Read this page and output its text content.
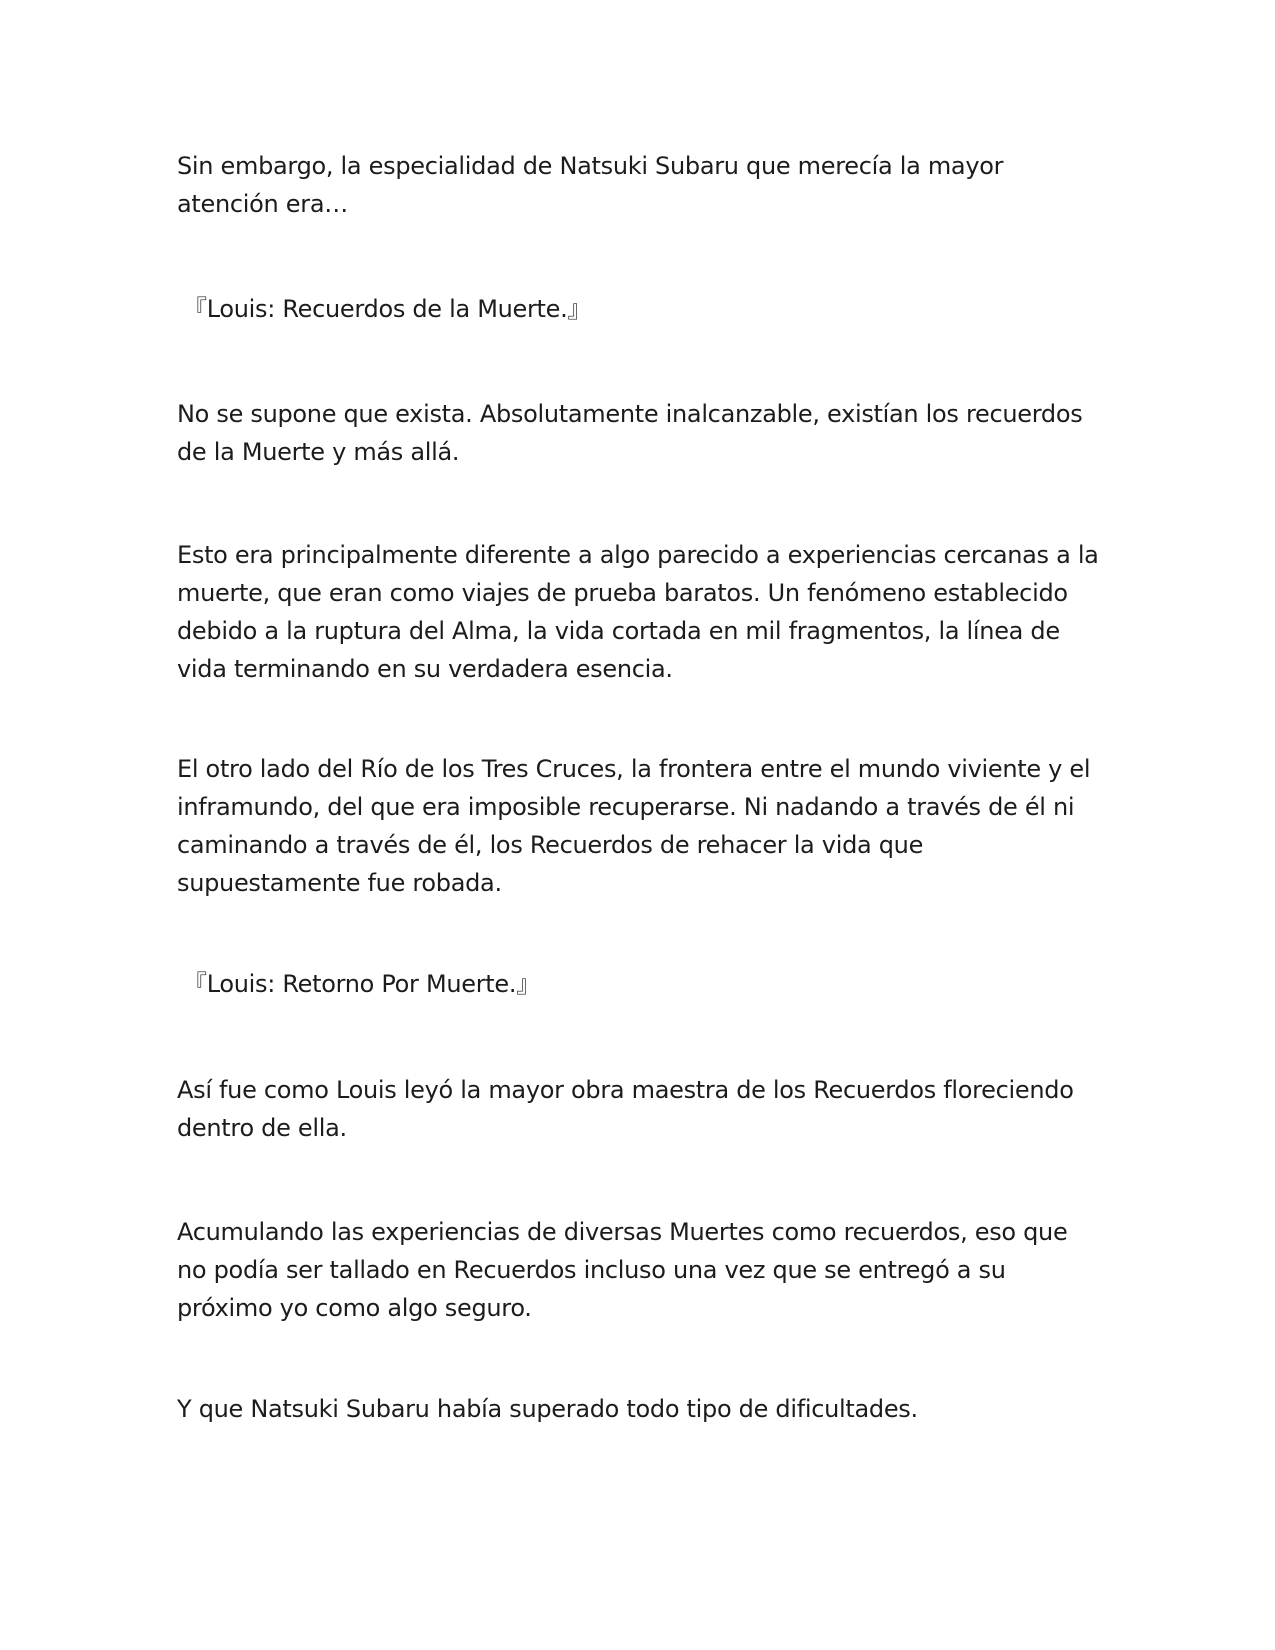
Sin embargo, la especialidad de Natsuki Subaru que merecía la mayor
atención era…

『Louis: Recuerdos de la Muerte.』

No se supone que exista. Absolutamente inalcanzable, existían los recuerdos
de la Muerte y más allá.

Esto era principalmente diferente a algo parecido a experiencias cercanas a la
muerte, que eran como viajes de prueba baratos. Un fenómeno establecido
debido a la ruptura del Alma, la vida cortada en mil fragmentos, la línea de
vida terminando en su verdadera esencia.

El otro lado del Río de los Tres Cruces, la frontera entre el mundo viviente y el
inframundo, del que era imposible recuperarse. Ni nadando a través de él ni
caminando a través de él, los Recuerdos de rehacer la vida que
supuestamente fue robada.

『Louis: Retorno Por Muerte.』

Así fue como Louis leyó la mayor obra maestra de los Recuerdos floreciendo
dentro de ella.

Acumulando las experiencias de diversas Muertes como recuerdos, eso que
no podía ser tallado en Recuerdos incluso una vez que se entregó a su
próximo yo como algo seguro.

Y que Natsuki Subaru había superado todo tipo de dificultades.
